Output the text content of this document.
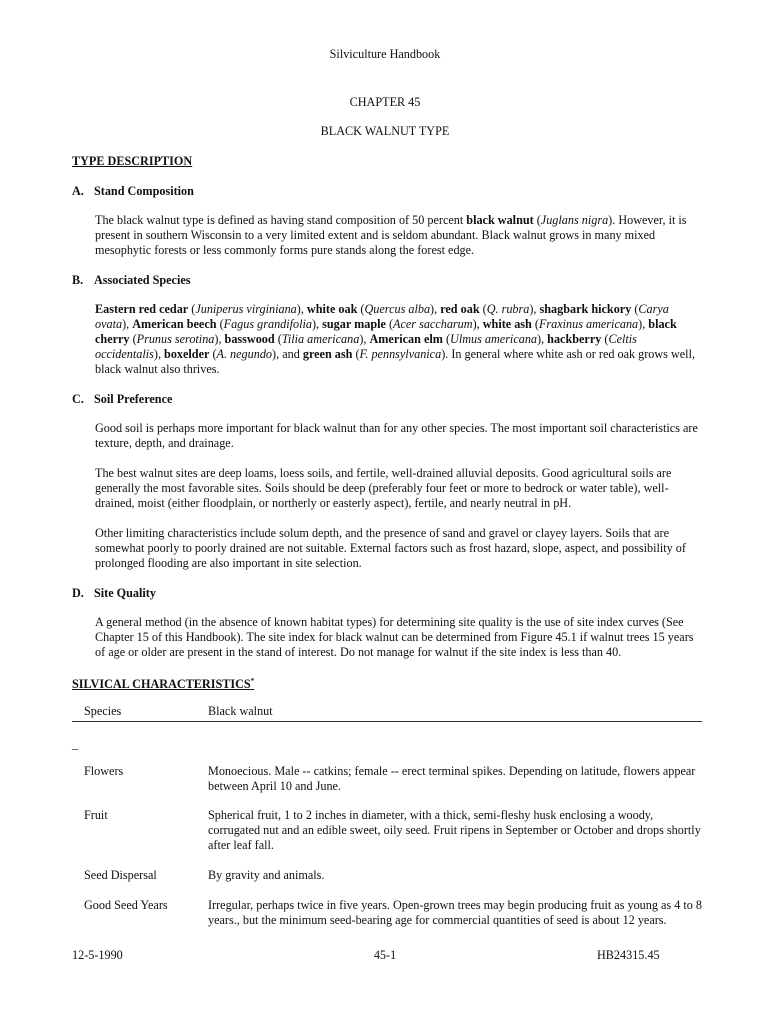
Silviculture Handbook
CHAPTER 45
BLACK WALNUT TYPE
TYPE DESCRIPTION
A. Stand Composition

The black walnut type is defined as having stand composition of 50 percent black walnut (Juglans nigra). However, it is present in southern Wisconsin to a very limited extent and is seldom abundant. Black walnut grows in many mixed mesophytic forests or less commonly forms pure stands along the forest edge.

B. Associated Species

Eastern red cedar (Juniperus virginiana), white oak (Quercus alba), red oak (Q. rubra), shagbark hickory (Carya ovata), American beech (Fagus grandifolia), sugar maple (Acer saccharum), white ash (Fraxinus americana), black cherry (Prunus serotina), basswood (Tilia americana), American elm (Ulmus americana), hackberry (Celtis occidentalis), boxelder (A. negundo), and green ash (F. pennsylvanica). In general where white ash or red oak grows well, black walnut also thrives.

C. Soil Preference
Good soil is perhaps more important for black walnut than for any other species. The most important soil characteristics are texture, depth, and drainage.
The best walnut sites are deep loams, loess soils, and fertile, well-drained alluvial deposits. Good agricultural soils are generally the most favorable sites. Soils should be deep (preferably four feet or more to bedrock or water table), well-drained, moist (either floodplain, or northerly or easterly aspect), fertile, and nearly neutral in pH.
Other limiting characteristics include solum depth, and the presence of sand and gravel or clayey layers. Soils that are somewhat poorly to poorly drained are not suitable. External factors such as frost hazard, slope, aspect, and possibility of prolonged flooding are also important in site selection.
D. Site Quality
A general method (in the absence of known habitat types) for determining site quality is the use of site index curves (See Chapter 15 of this Handbook). The site index for black walnut can be determined from Figure 45.1 if walnut trees 15 years of age or older are present in the stand of interest. Do not manage for walnut if the site index is less than 40.
SILVICAL CHARACTERISTICS*
Species	Black walnut
_
Flowers	Monoecious. Male -- catkins; female -- erect terminal spikes. Depending on latitude, flowers appear between April 10 and June.
Fruit	Spherical fruit, 1 to 2 inches in diameter, with a thick, semi-fleshy husk enclosing a woody, corrugated nut and an edible sweet, oily seed. Fruit ripens in September or October and drops shortly after leaf fall.
Seed Dispersal	By gravity and animals.
Good Seed Years	Irregular, perhaps twice in five years. Open-grown trees may begin producing fruit as young as 4 to 8 years., but the minimum seed-bearing age for commercial quantities of seed is about 12 years.
12-5-1990	45-1	HB24315.45
